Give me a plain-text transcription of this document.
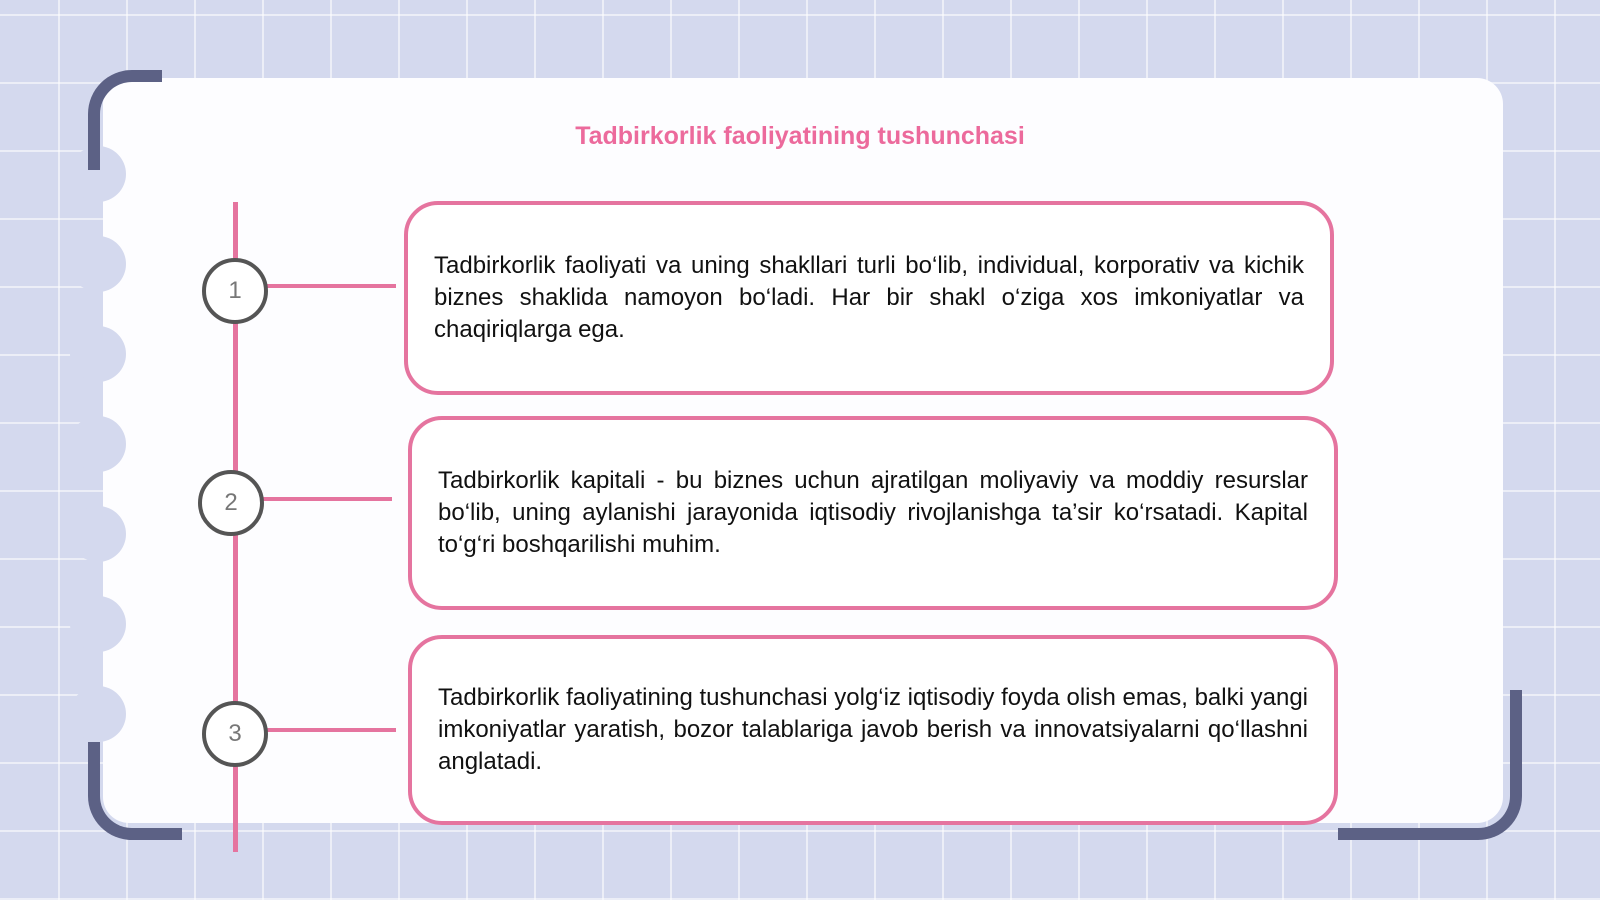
Tadbirkorlik faoliyatining tushunchasi
1
2
3

Tadbirkorlik faoliyati va uning shakllari turli bo‘lib, individual, korporativ va kichik biznes shaklida namoyon bo‘ladi. Har bir shakl o‘ziga xos imkoniyatlar va chaqiriqlarga ega.

Tadbirkorlik kapitali - bu biznes uchun ajratilgan moliyaviy va moddiy resurslar bo‘lib, uning aylanishi jarayonida iqtisodiy rivojlanishga ta’sir ko‘rsatadi. Kapital to‘g‘ri boshqarilishi muhim.

Tadbirkorlik faoliyatining tushunchasi yolg‘iz iqtisodiy foyda olish emas, balki yangi imkoniyatlar yaratish, bozor talablariga javob berish va innovatsiyalarni qo‘llashni anglatadi.
